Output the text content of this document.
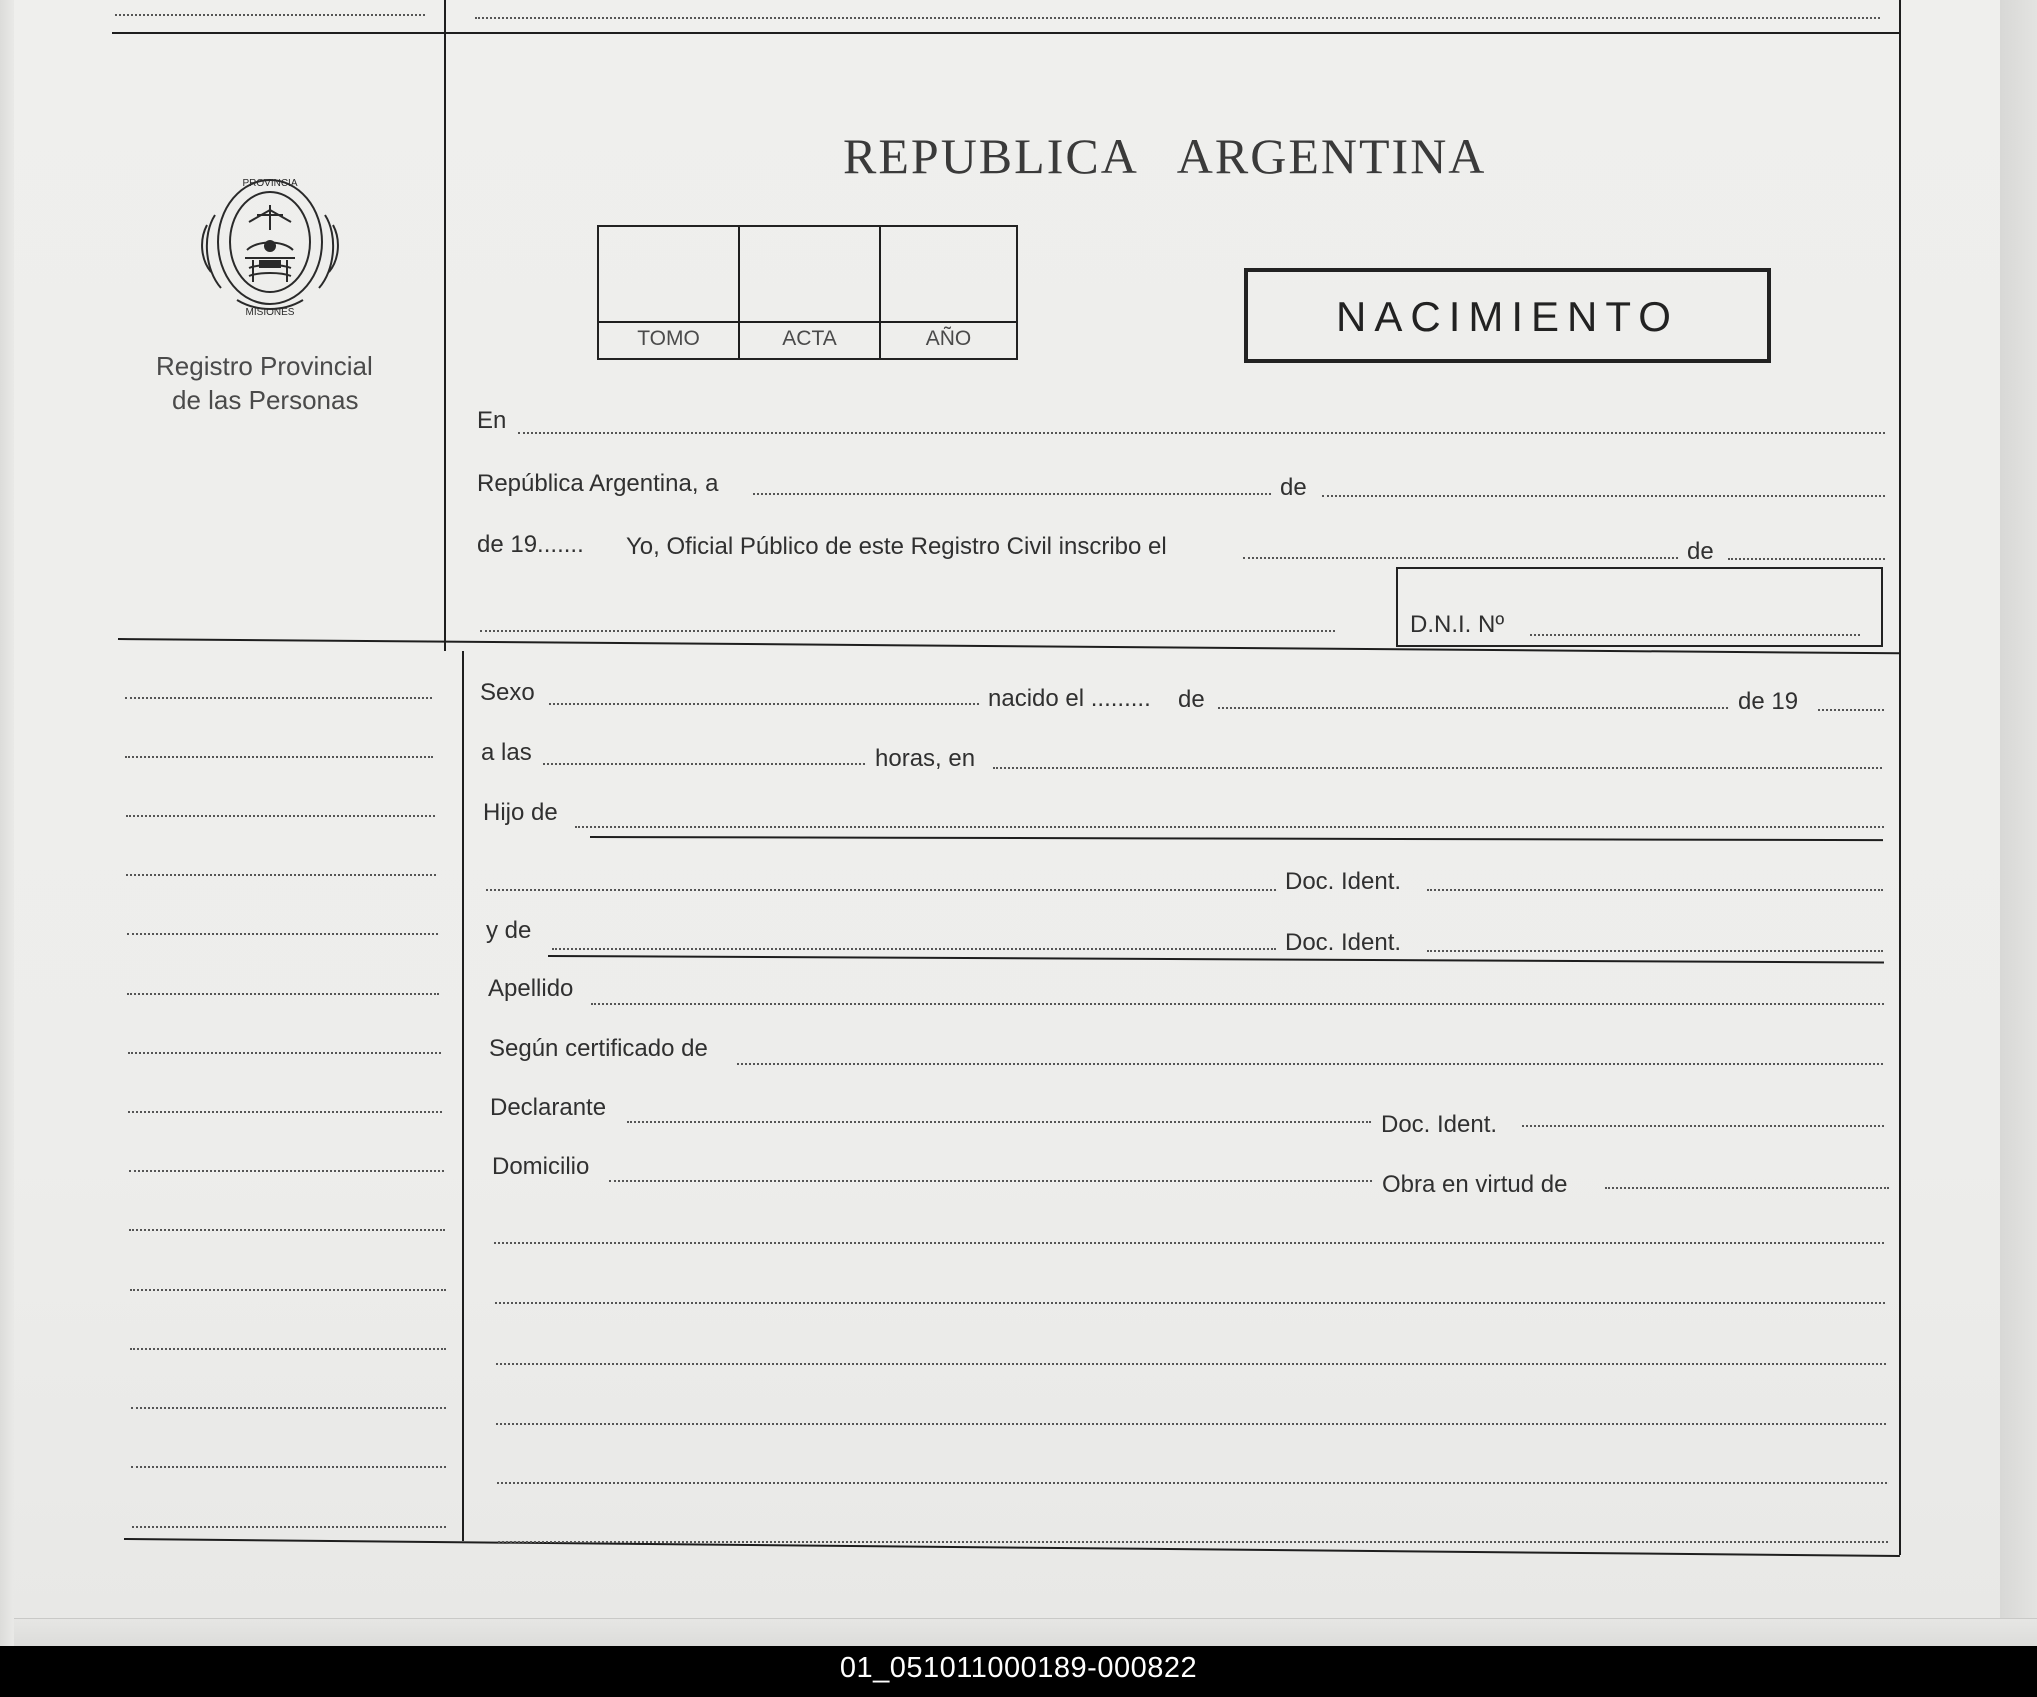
PROVINCIA
MISIONES
Registro Provincial
de las Personas
REPUBLICA   ARGENTINA
TOMO	ACTA	AÑO	NACIMIENTO
En
República Argentina, a	de
de 19....... Yo, Oficial Público de este Registro Civil inscribo el	de
D.N.I. Nº
Sexo	nacido el ......... de	de 19
a las	horas, en
Hijo de
Doc. Ident.
y de	Doc. Ident.
Apellido
Según certificado de
Declarante
Doc. Ident.
Domicilio
Obra en virtud de
01_051011000189-000822
